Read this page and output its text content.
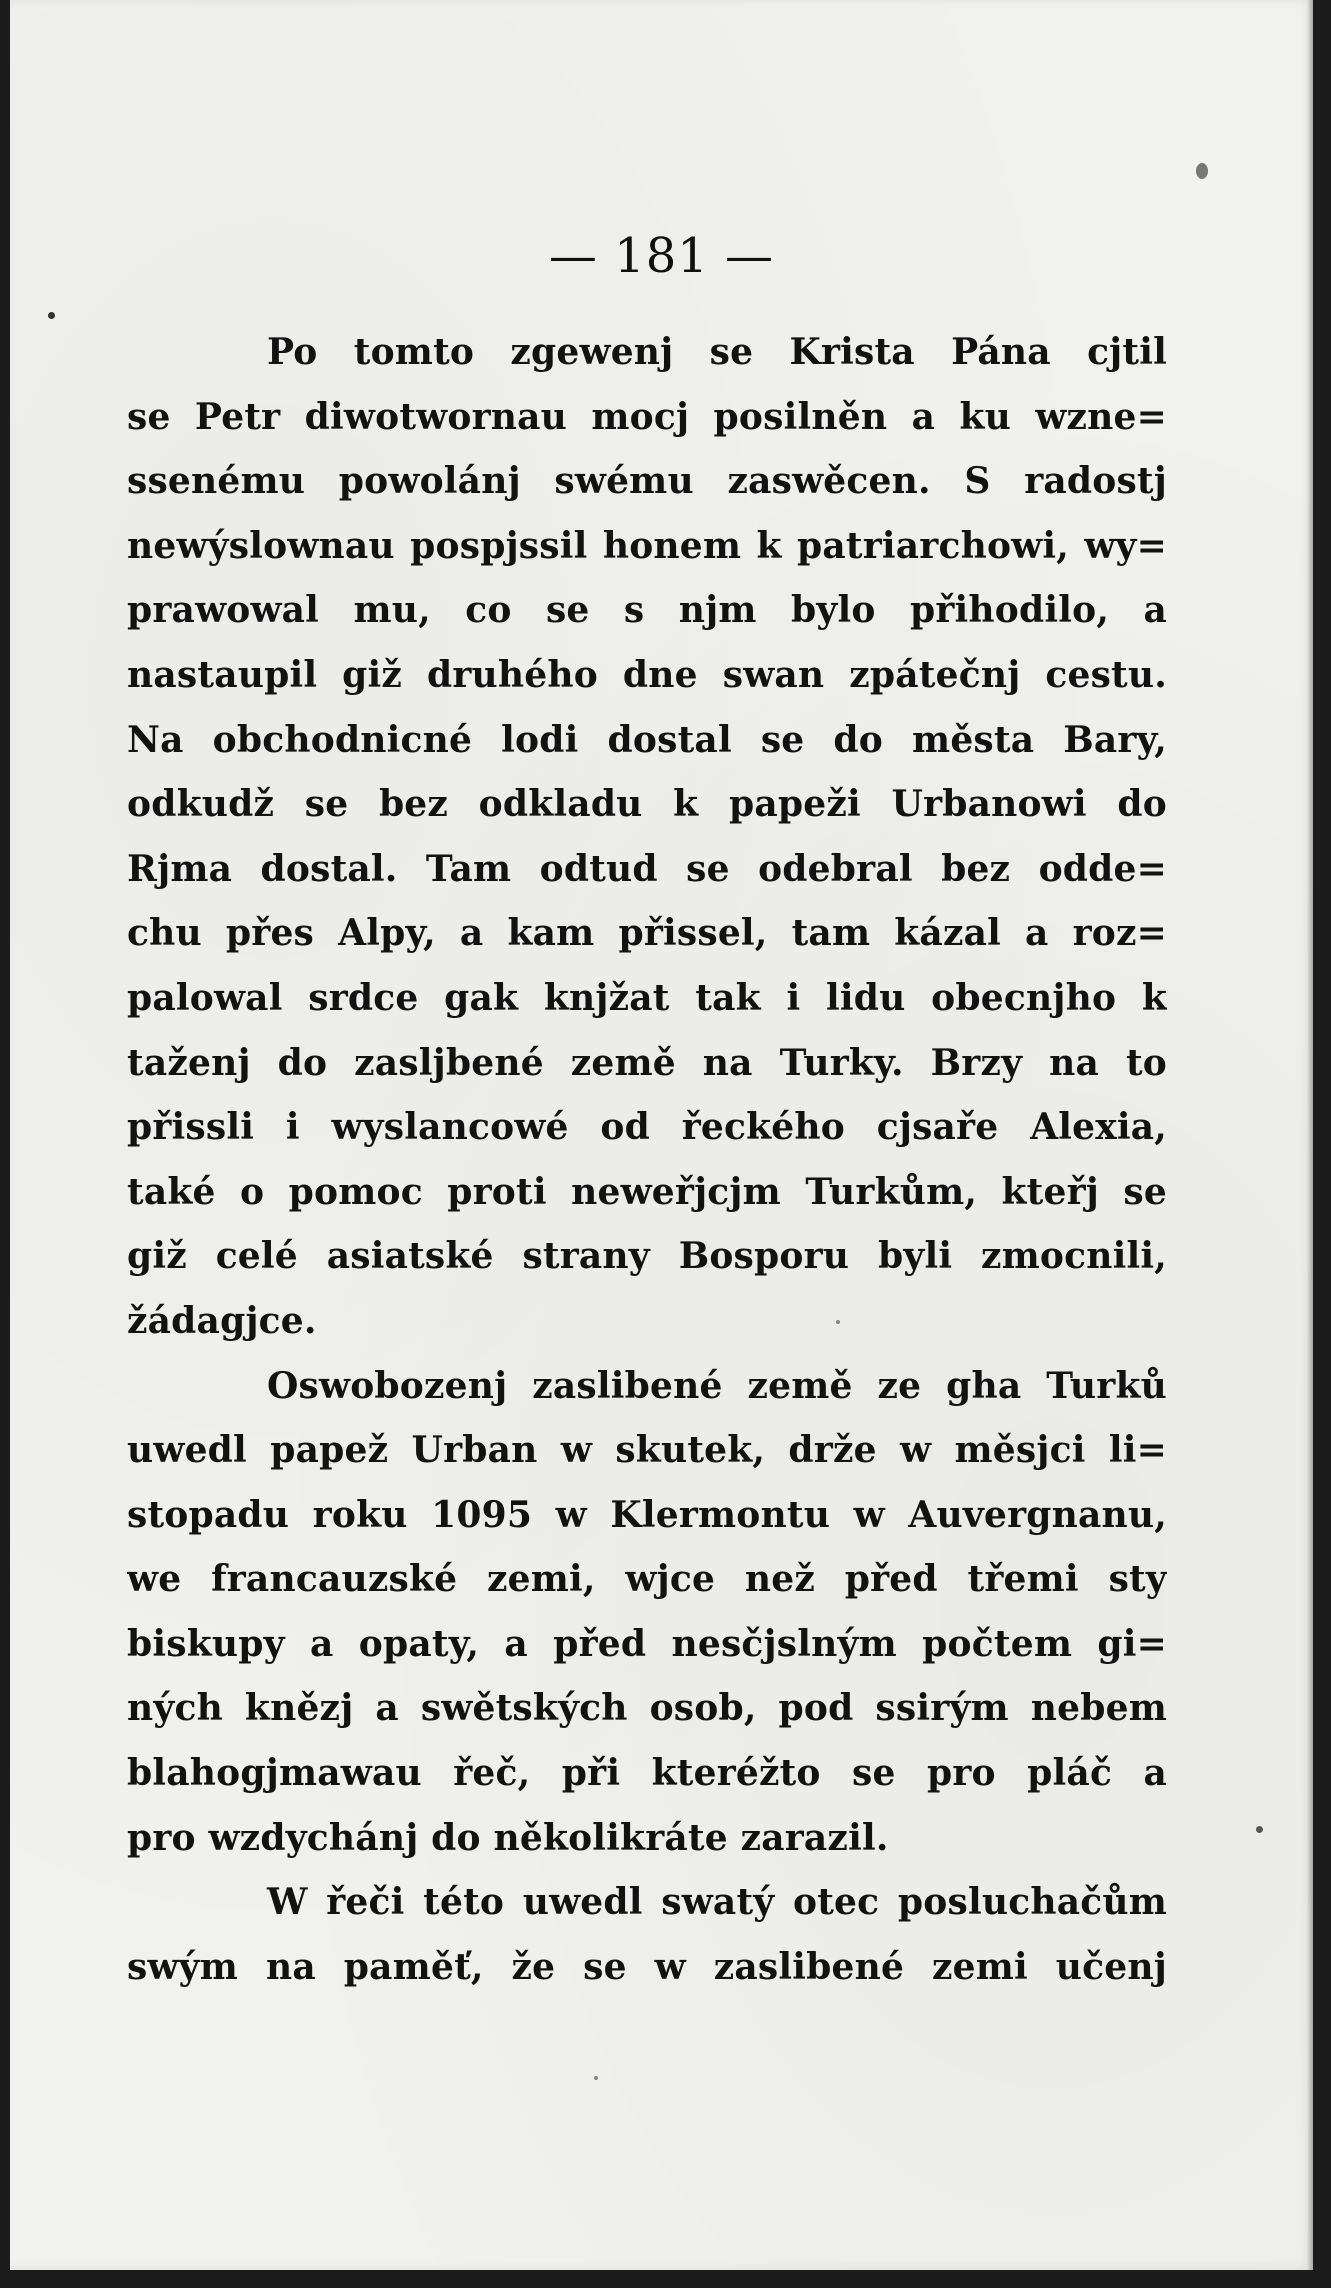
— 181 —
Po tomto zgewenj se Krista Pána cjtil
se Petr diwotwornau mocj posilněn a ku wzne=
ssenému powolánj swému zaswěcen. S radostj
newýslownau pospjssil honem k patriarchowi, wy=
prawowal mu, co se s njm bylo přihodilo, a
nastaupil giž druhého dne swan zpátečnj cestu.
Na obchodnicné lodi dostal se do města Bary,
odkudž se bez odkladu k papeži Urbanowi do
Rjma dostal. Tam odtud se odebral bez odde=
chu přes Alpy, a kam přissel, tam kázal a roz=
palowal srdce gak knjžat tak i lidu obecnjho k
taženj do zasljbené země na Turky. Brzy na to
přissli i wyslancowé od řeckého cjsaře Alexia,
také o pomoc proti neweřjcjm Turkům, kteřj se
giž celé asiatské strany Bosporu byli zmocnili,
žádagjce.
Oswobozenj zaslibené země ze gha Turků
uwedl papež Urban w skutek, drže w měsjci li=
stopadu roku 1095 w Klermontu w Auvergnanu,
we francauzské zemi, wjce než před třemi sty
biskupy a opaty, a před nesčjslným počtem gi=
ných knězj a swětských osob, pod ssirým nebem
blahogjmawau řeč, při kteréžto se pro pláč a
pro wzdychánj do několikráte zarazil.
W řeči této uwedl swatý otec posluchačům
swým na paměť, že se w zaslibené zemi učenj
